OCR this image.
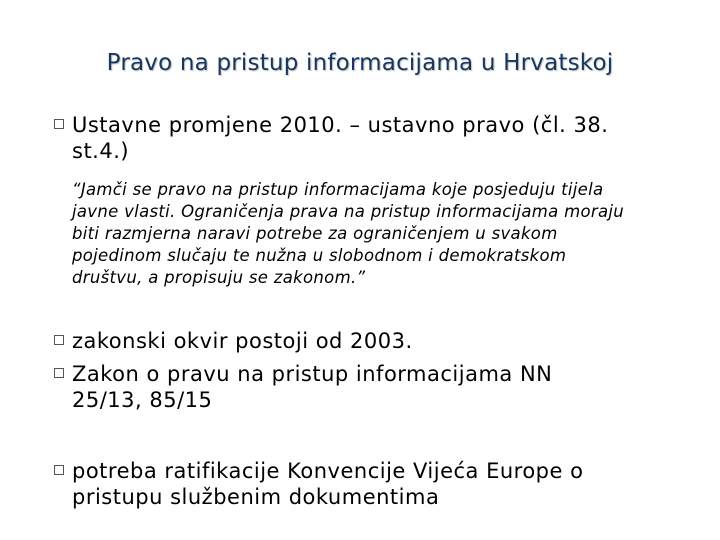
Pravo na pristup informacijama u Hrvatskoj
Ustavne promjene 2010. – ustavno pravo (čl. 38.
st.4.)
“Jamči se pravo na pristup informacijama koje posjeduju tijela
javne vlasti. Ograničenja prava na pristup informacijama moraju
biti razmjerna naravi potrebe za ograničenjem u svakom
pojedinom slučaju te nužna u slobodnom i demokratskom
društvu, a propisuju se zakonom.”
zakonski okvir postoji od 2003.
Zakon o pravu na pristup informacijama NN
25/13, 85/15
potreba ratifikacije Konvencije Vijeća Europe o
pristupu službenim dokumentima
